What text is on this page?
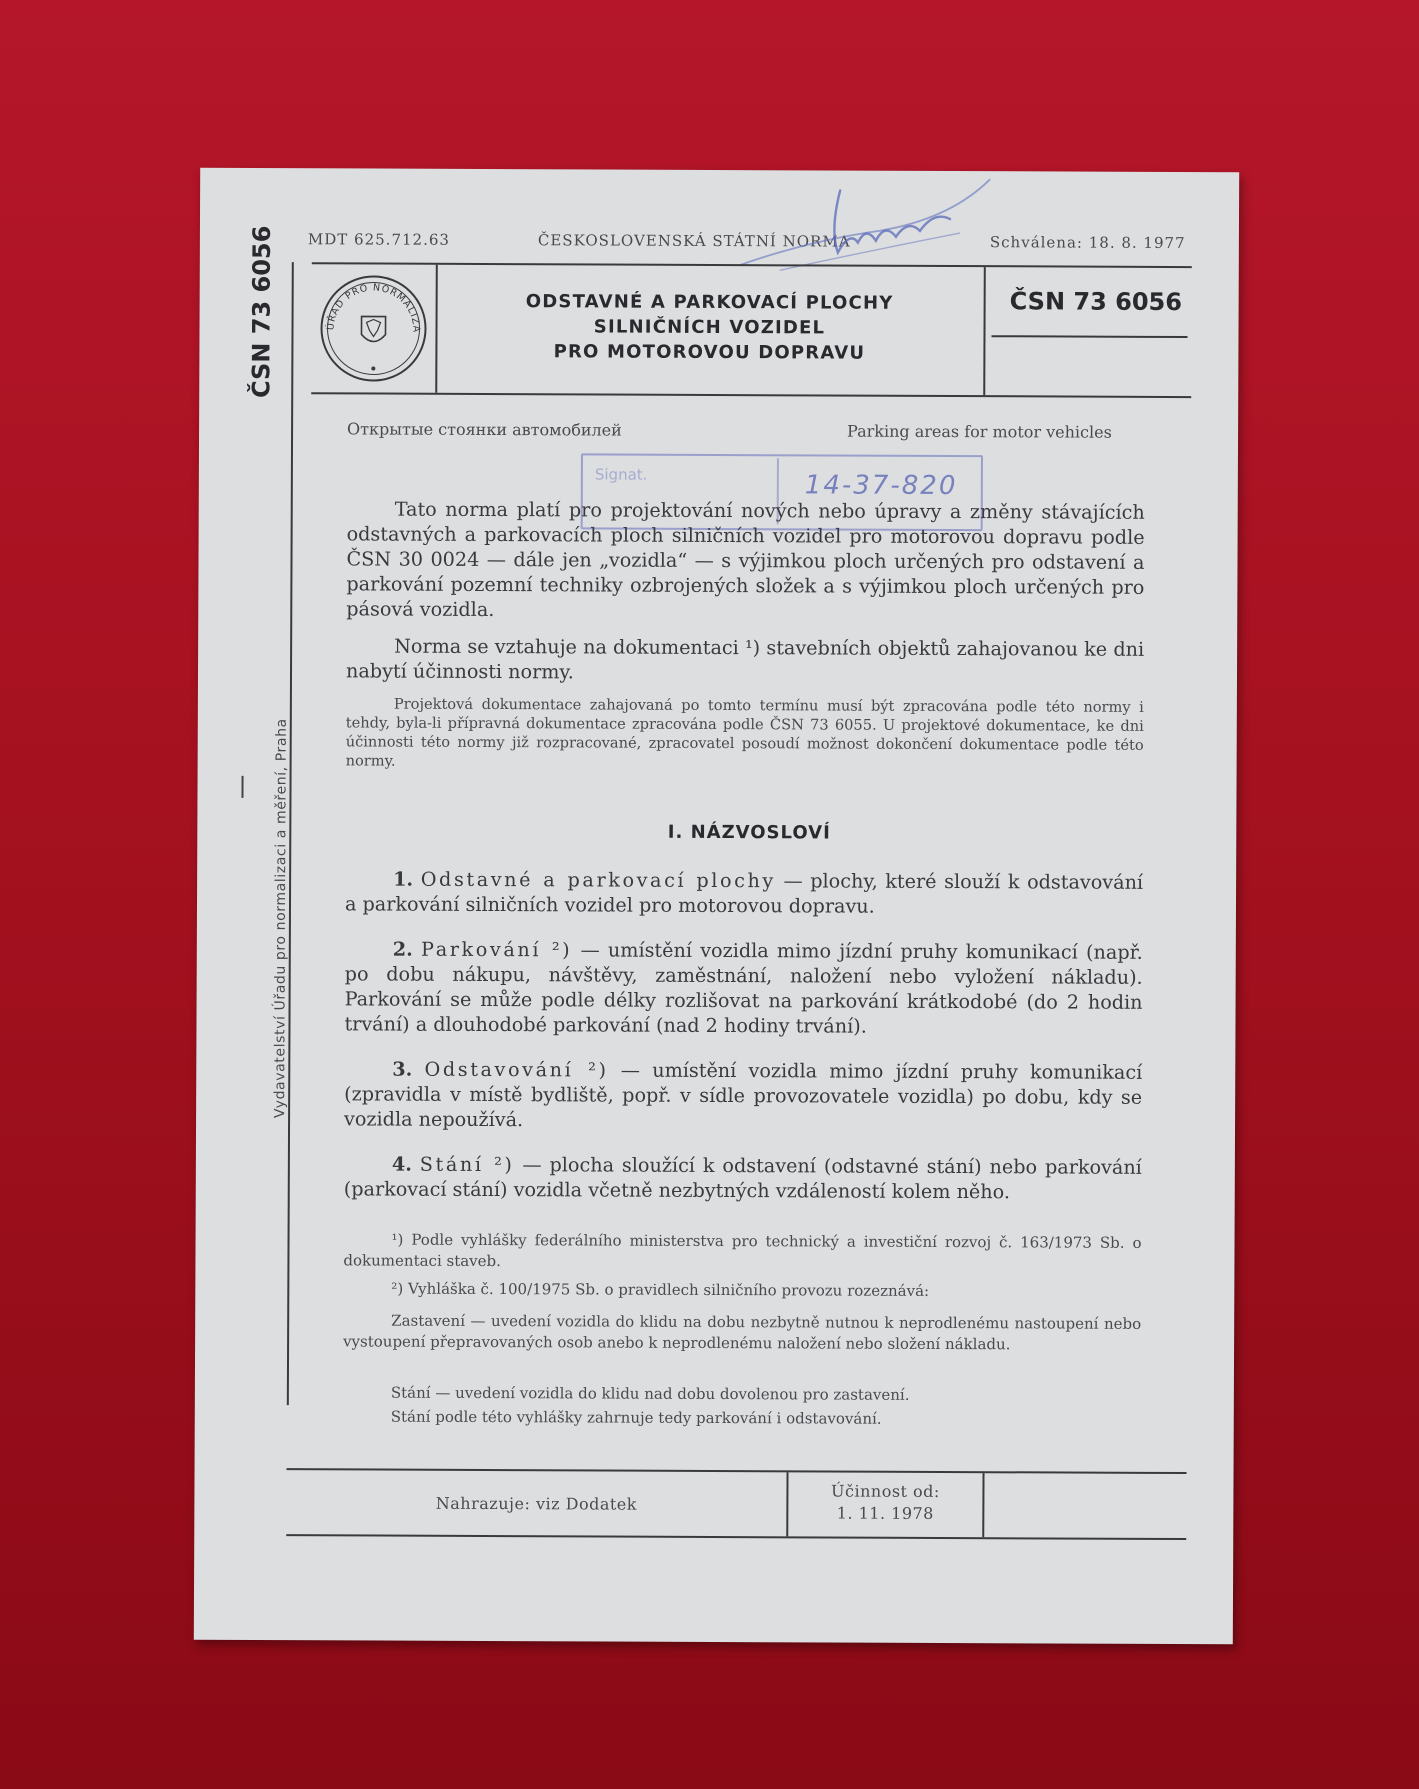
MDT 625.712.63	ČESKOSLOVENSKÁ STÁTNÍ NORMA	Schválena: 18. 8. 1977
ČSN 73 6056
Vydavatelství Úřadu pro normalizaci a měření, Praha
ÚŘAD PRO NORMALIZACI
ODSTAVNÉ A PARKOVACÍ PLOCHY
SILNIČNÍCH VOZIDEL
PRO MOTOROVOU DOPRAVU
ČSN 73 6056
Открытые стоянки автомобилей	Parking areas for motor vehicles
Signat.	14-37-820
Tato norma platí pro projektování nových nebo úpravy a změny stávajících odstavných a parkovacích ploch silničních vozidel pro motorovou dopravu podle ČSN 30 0024 — dále jen „vozidla“ — s výjimkou ploch určených pro odstavení a parkování pozemní techniky ozbrojených složek a s výjimkou ploch určených pro pásová vozidla.
Norma se vztahuje na dokumentaci ¹) stavebních objektů zahajovanou ke dni nabytí účinnosti normy.
Projektová dokumentace zahajovaná po tomto termínu musí být zpracována podle této normy i tehdy, byla-li přípravná dokumentace zpracována podle ČSN 73 6055. U projektové dokumentace, ke dni účinnosti této normy již rozpracované, zpracovatel posoudí možnost dokončení dokumentace podle této normy.
I. NÁZVOSLOVÍ
1. Odstavné a parkovací plochy — plochy, které slouží k odstavování a parkování silničních vozidel pro motorovou dopravu.
2. Parkování ²) — umístění vozidla mimo jízdní pruhy komunikací (např. po dobu nákupu, návštěvy, zaměstnání, naložení nebo vyložení nákladu). Parkování se může podle délky rozlišovat na parkování krátkodobé (do 2 hodin trvání) a dlouhodobé parkování (nad 2 hodiny trvání).
3. Odstavování ²) — umístění vozidla mimo jízdní pruhy komunikací (zpravidla v místě bydliště, popř. v sídle provozovatele vozidla) po dobu, kdy se vozidla nepoužívá.
4. Stání ²) — plocha sloužící k odstavení (odstavné stání) nebo parkování (parkovací stání) vozidla včetně nezbytných vzdáleností kolem něho.
¹) Podle vyhlášky federálního ministerstva pro technický a investiční rozvoj č. 163/1973 Sb. o dokumentaci staveb.
²) Vyhláška č. 100/1975 Sb. o pravidlech silničního provozu rozeznává:
Zastavení — uvedení vozidla do klidu na dobu nezbytně nutnou k neprodlenému nastoupení nebo vystoupení přepravovaných osob anebo k neprodlenému naložení nebo složení nákladu.
Stání — uvedení vozidla do klidu nad dobu dovolenou pro zastavení.
Stání podle této vyhlášky zahrnuje tedy parkování i odstavování.
Nahrazuje: viz Dodatek
Účinnost od:
1. 11. 1978
